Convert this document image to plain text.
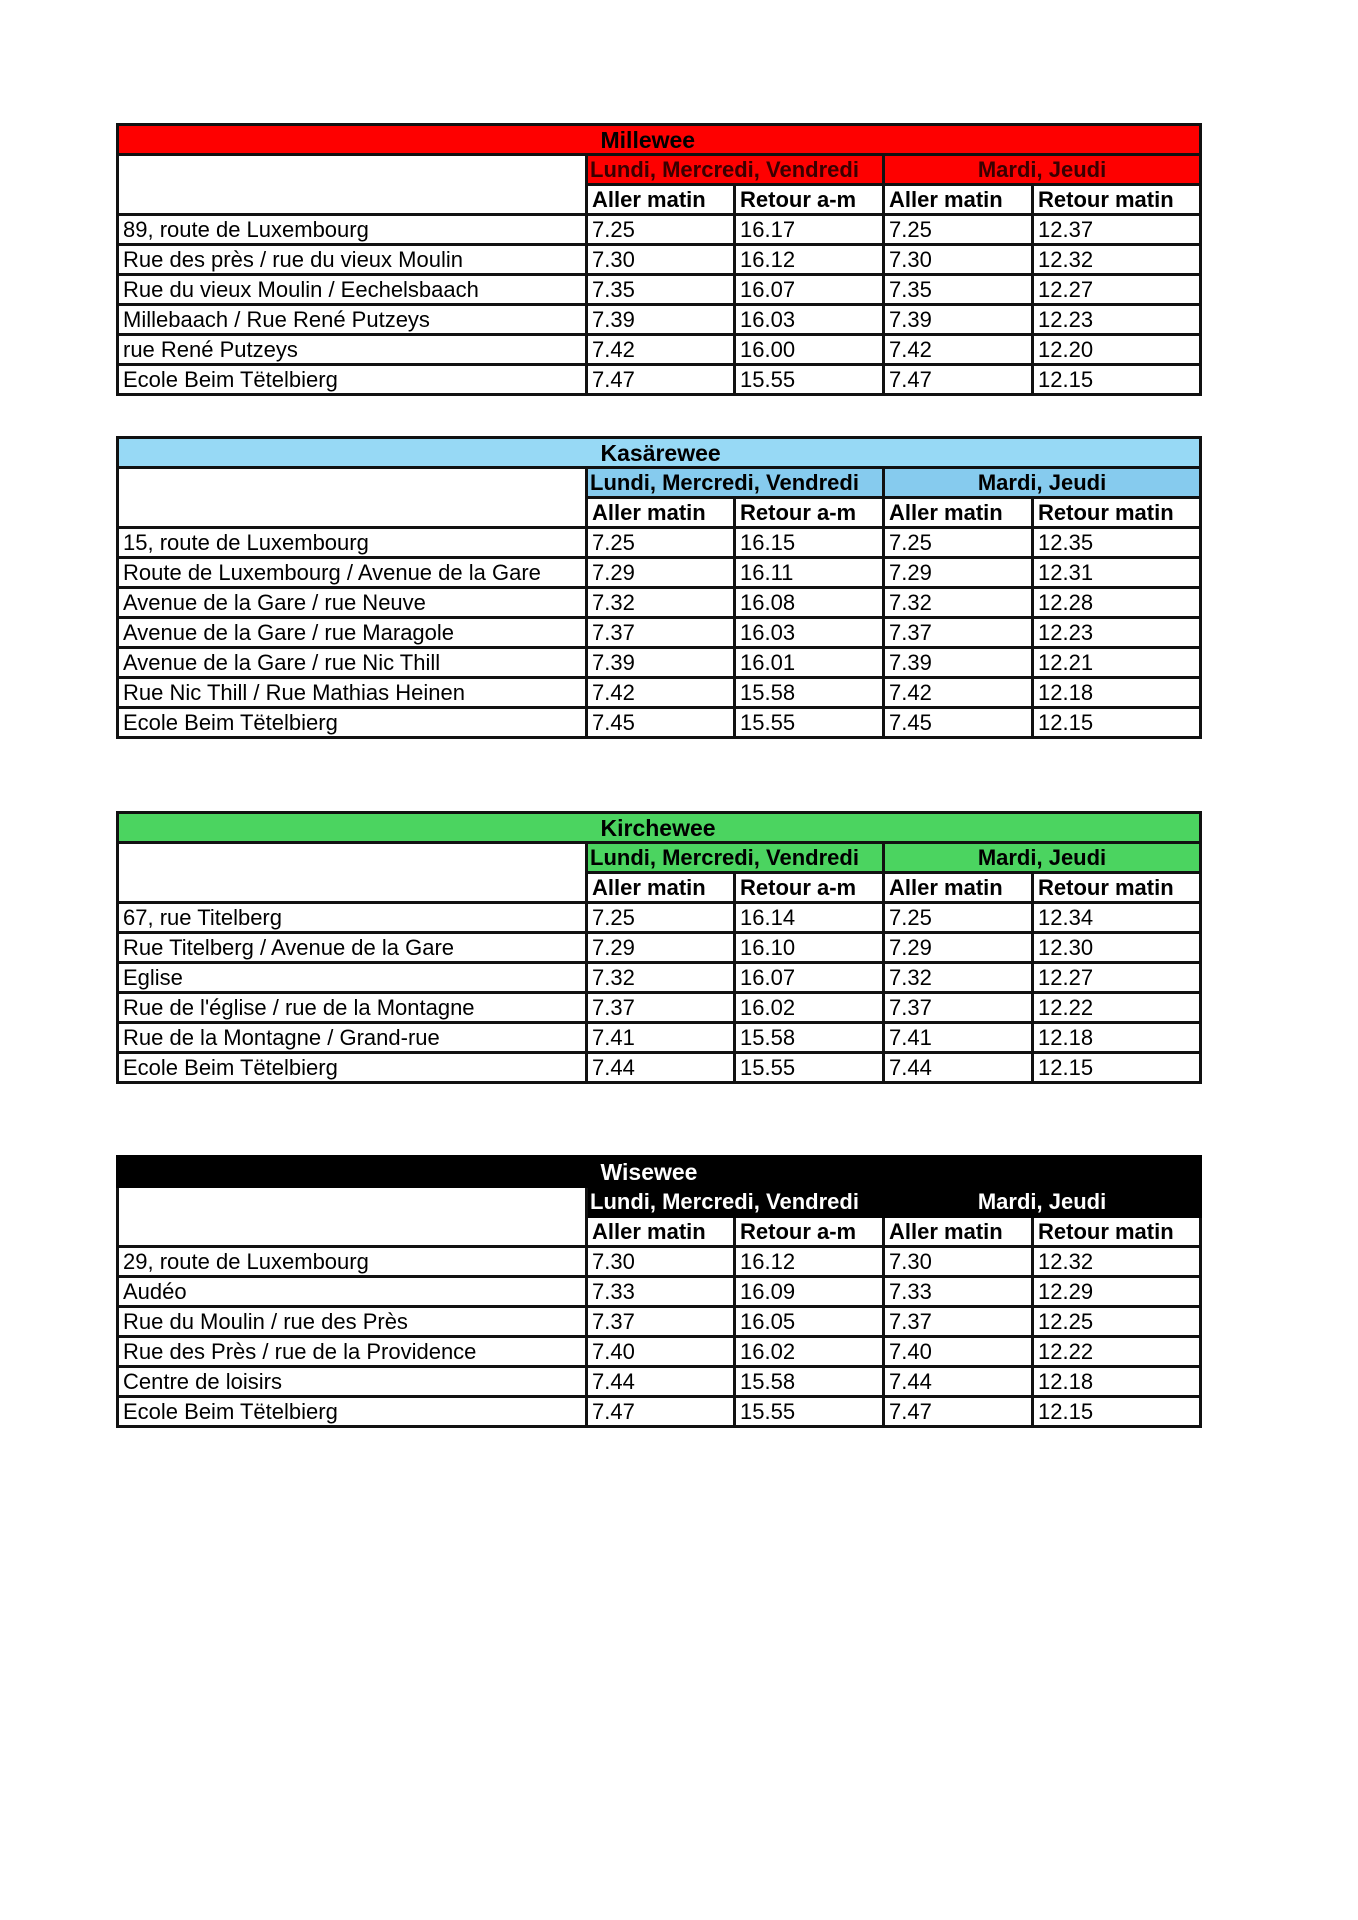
	Millewee			
	Lundi, Mercredi, Vendredi		Mardi, Jeudi	
	Aller matin	Retour a-m	Aller matin	Retour matin
89, route de Luxembourg	7.25	16.17	7.25	12.37
Rue des près / rue du vieux Moulin	7.30	16.12	7.30	12.32
Rue du vieux Moulin / Eechelsbaach	7.35	16.07	7.35	12.27
Millebaach / Rue René Putzeys	7.39	16.03	7.39	12.23
rue René Putzeys	7.42	16.00	7.42	12.20
Ecole Beim Tëtelbierg	7.47	15.55	7.47	12.15
	Kasärewee			
	Lundi, Mercredi, Vendredi		Mardi, Jeudi	
	Aller matin	Retour a-m	Aller matin	Retour matin
15, route de Luxembourg	7.25	16.15	7.25	12.35
Route de Luxembourg / Avenue de la Gare	7.29	16.11	7.29	12.31
Avenue de la Gare / rue Neuve	7.32	16.08	7.32	12.28
Avenue de la Gare / rue Maragole	7.37	16.03	7.37	12.23
Avenue de la Gare / rue Nic Thill	7.39	16.01	7.39	12.21
Rue Nic Thill / Rue Mathias Heinen	7.42	15.58	7.42	12.18
Ecole Beim Tëtelbierg	7.45	15.55	7.45	12.15
	Kirchewee			
	Lundi, Mercredi, Vendredi		Mardi, Jeudi	
	Aller matin	Retour a-m	Aller matin	Retour matin
67, rue Titelberg	7.25	16.14	7.25	12.34
Rue Titelberg / Avenue de la Gare	7.29	16.10	7.29	12.30
Eglise	7.32	16.07	7.32	12.27
Rue de l'église / rue de la Montagne	7.37	16.02	7.37	12.22
Rue de la Montagne / Grand-rue	7.41	15.58	7.41	12.18
Ecole Beim Tëtelbierg	7.44	15.55	7.44	12.15
	Wisewee			
	Lundi, Mercredi, Vendredi		Mardi, Jeudi	
	Aller matin	Retour a-m	Aller matin	Retour matin
29, route de Luxembourg	7.30	16.12	7.30	12.32
Audéo	7.33	16.09	7.33	12.29
Rue du Moulin / rue des Près	7.37	16.05	7.37	12.25
Rue des Près / rue de la Providence	7.40	16.02	7.40	12.22
Centre de loisirs	7.44	15.58	7.44	12.18
Ecole Beim Tëtelbierg	7.47	15.55	7.47	12.15
